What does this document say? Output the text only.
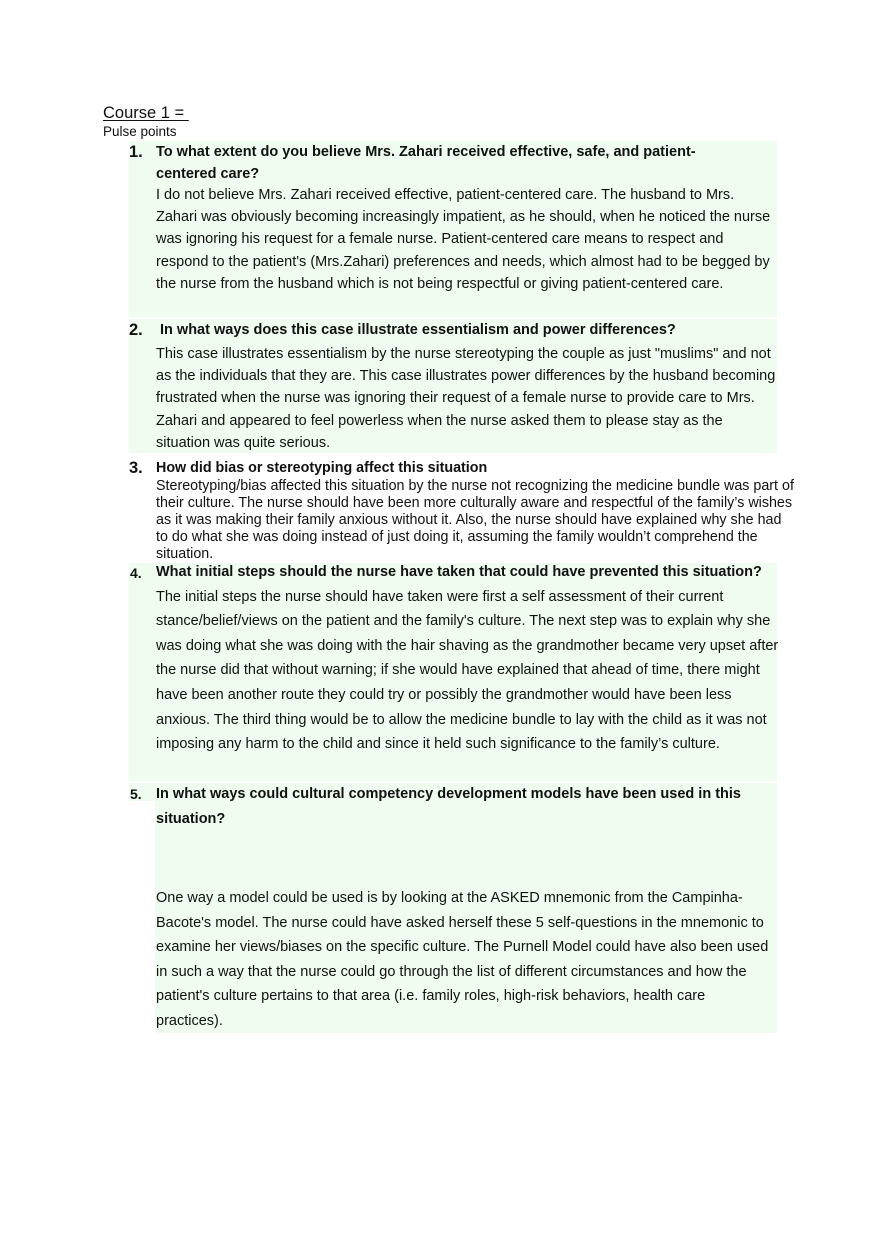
Course 1 =
Pulse points
1. To what extent do you believe Mrs. Zahari received effective, safe, and patient-centered care?

I do not believe Mrs. Zahari received effective, patient-centered care. The husband to Mrs. Zahari was obviously becoming increasingly impatient, as he should, when he noticed the nurse was ignoring his request for a female nurse. Patient-centered care means to respect and respond to the patient's (Mrs.Zahari) preferences and needs, which almost had to be begged by the nurse from the husband which is not being respectful or giving patient-centered care.

2. In what ways does this case illustrate essentialism and power differences?

This case illustrates essentialism by the nurse stereotyping the couple as just "muslims" and not as the individuals that they are. This case illustrates power differences by the husband becoming frustrated when the nurse was ignoring their request of a female nurse to provide care to Mrs. Zahari and appeared to feel powerless when the nurse asked them to please stay as the situation was quite serious.

3. How did bias or stereotyping affect this situation

Stereotyping/bias affected this situation by the nurse not recognizing the medicine bundle was part of their culture. The nurse should have been more culturally aware and respectful of the family’s wishes as it was making their family anxious without it. Also, the nurse should have explained why she had to do what she was doing instead of just doing it, assuming the family wouldn’t comprehend the situation.

4. What initial steps should the nurse have taken that could have prevented this situation? The initial steps the nurse should have taken were first a self assessment of their current stance/belief/views on the patient and the family's culture. The next step was to explain why she was doing what she was doing with the hair shaving as the grandmother became very upset after the nurse did that without warning; if she would have explained that ahead of time, there might have been another route they could try or possibly the grandmother would have been less anxious. The third thing would be to allow the medicine bundle to lay with the child as it was not imposing any harm to the child and since it held such significance to the family’s culture.

5. In what ways could cultural competency development models have been used in this situation?

One way a model could be used is by looking at the ASKED mnemonic from the Campinha-Bacote's model. The nurse could have asked herself these 5 self-questions in the mnemonic to examine her views/biases on the specific culture. The Purnell Model could have also been used in such a way that the nurse could go through the list of different circumstances and how the patient's culture pertains to that area (i.e. family roles, high-risk behaviors, health care practices).
